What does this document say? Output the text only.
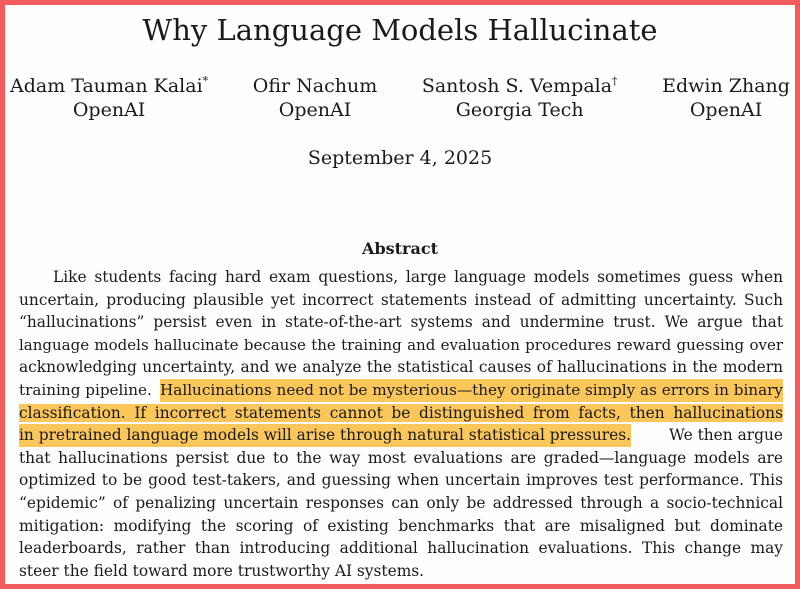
Why Language Models Hallucinate
Adam Tauman Kalai*
OpenAI
Ofir Nachum
OpenAI
Santosh S. Vempala†
Georgia Tech
Edwin Zhang
OpenAI
September 4, 2025
Abstract
Like students facing hard exam questions, large language models sometimes guess when
uncertain, producing plausible yet incorrect statements instead of admitting uncertainty. Such
“hallucinations” persist even in state-of-the-art systems and undermine trust. We argue that
language models hallucinate because the training and evaluation procedures reward guessing over
acknowledging uncertainty, and we analyze the statistical causes of hallucinations in the modern
training pipeline. Hallucinations need not be mysterious—they originate simply as errors in binary
classification. If incorrect statements cannot be distinguished from facts, then hallucinations
in pretrained language models will arise through natural statistical pressures. We then argue
that hallucinations persist due to the way most evaluations are graded—language models are
optimized to be good test-takers, and guessing when uncertain improves test performance. This
“epidemic” of penalizing uncertain responses can only be addressed through a socio-technical
mitigation: modifying the scoring of existing benchmarks that are misaligned but dominate
leaderboards, rather than introducing additional hallucination evaluations. This change may
steer the field toward more trustworthy AI systems.
